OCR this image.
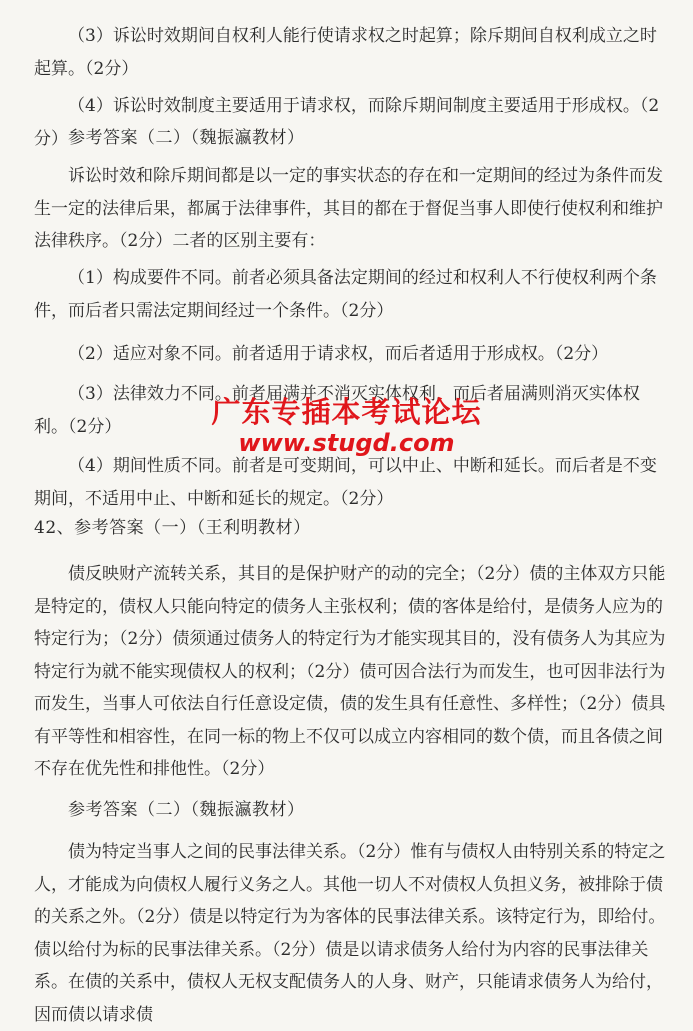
（3）诉讼时效期间自权利人能行使请求权之时起算；除斥期间自权利成立之时起算。（2分）

（4）诉讼时效制度主要适用于请求权，而除斥期间制度主要适用于形成权。（2分） 参考答案（二）（魏振瀛教材）

诉讼时效和除斥期间都是以一定的事实状态的存在和一定期间的经过为条件而发生一定的法律后果，都属于法律事件，其目的都在于督促当事人即使行使权利和维护法律秩序。（2分）二者的区别主要有：

（1）构成要件不同。前者必须具备法定期间的经过和权利人不行使权利两个条件，而后者只需法定期间经过一个条件。（2分）

（2）适应对象不同。前者适用于请求权，而后者适用于形成权。（2分）

（3）法律效力不同。前者届满并不消灭实体权利，而后者届满则消灭实体权利。（2分）

（4）期间性质不同。前者是可变期间，可以中止、中断和延长。而后者是不变期间，不适用中止、中断和延长的规定。（2分）

42、参考答案（一）（王利明教材）

债反映财产流转关系，其目的是保护财产的动的完全；（2分）债的主体双方只能是特定的，债权人只能向特定的债务人主张权利；债的客体是给付，是债务人应为的特定行为；（2分）债须通过债务人的特定行为才能实现其目的，没有债务人为其应为特定行为就不能实现债权人的权利；（2分）债可因合法行为而发生，也可因非法行为而发生，当事人可依法自行任意设定债，债的发生具有任意性、多样性；（2分）债具有平等性和相容性，在同一标的物上不仅可以成立内容相同的数个债，而且各债之间不存在优先性和排他性。（2分）

参考答案（二）（魏振瀛教材）

债为特定当事人之间的民事法律关系。（2分）惟有与债权人由特别关系的特定之人，才能成为向债权人履行义务之人。其他一切人不对债权人负担义务，被排除于债的关系之外。（2分）债是以特定行为为客体的民事法律关系。该特定行为，即给付。债以给付为标的民事法律关系。（2分）债是以请求债务人给付为内容的民事法律关系。在债的关系中，债权人无权支配债务人的人身、财产，只能请求债务人为给付，因而债以请求债

广东专插本考试论坛
www.stugd.com
